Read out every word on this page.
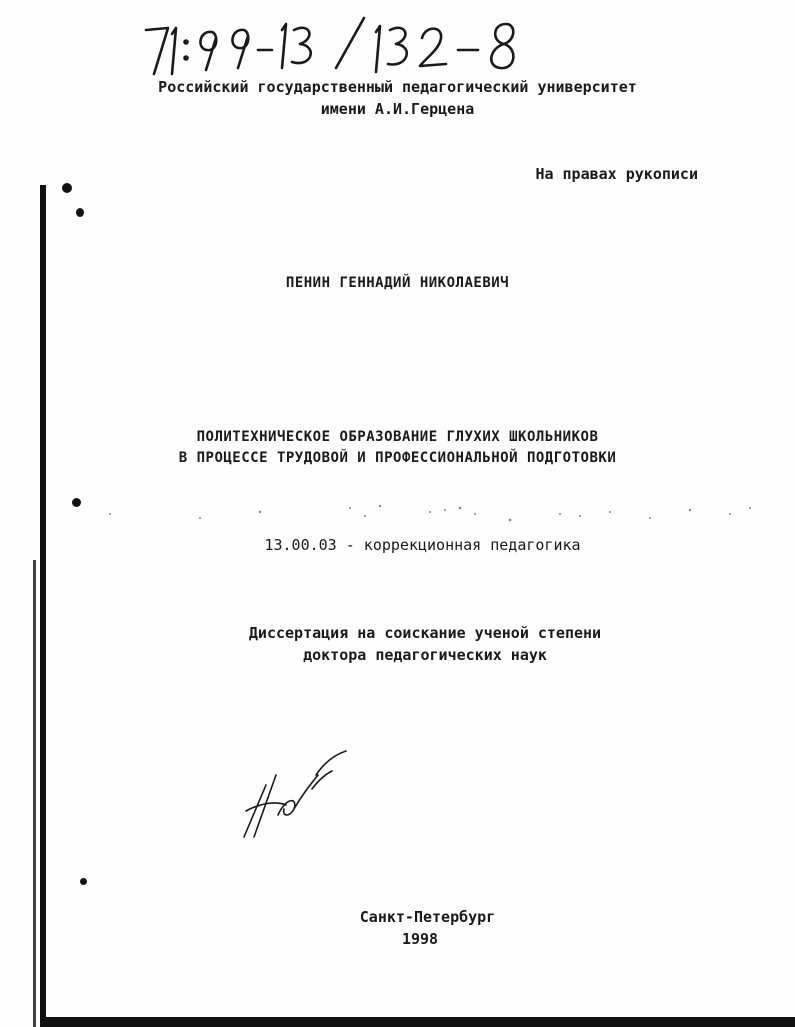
Российский государственный педагогический университет
имени А.И.Герцена
На правах рукописи
ПЕНИН ГЕННАДИЙ НИКОЛАЕВИЧ
ПОЛИТЕХНИЧЕСКОЕ ОБРАЗОВАНИЕ ГЛУХИХ ШКОЛЬНИКОВ
В ПРОЦЕССЕ ТРУДОВОЙ И ПРОФЕССИОНАЛЬНОЙ ПОДГОТОВКИ
13.00.03 - коррекционная педагогика
Диссертация на соискание ученой степени
доктора педагогических наук
Санкт-Петербург
1998
